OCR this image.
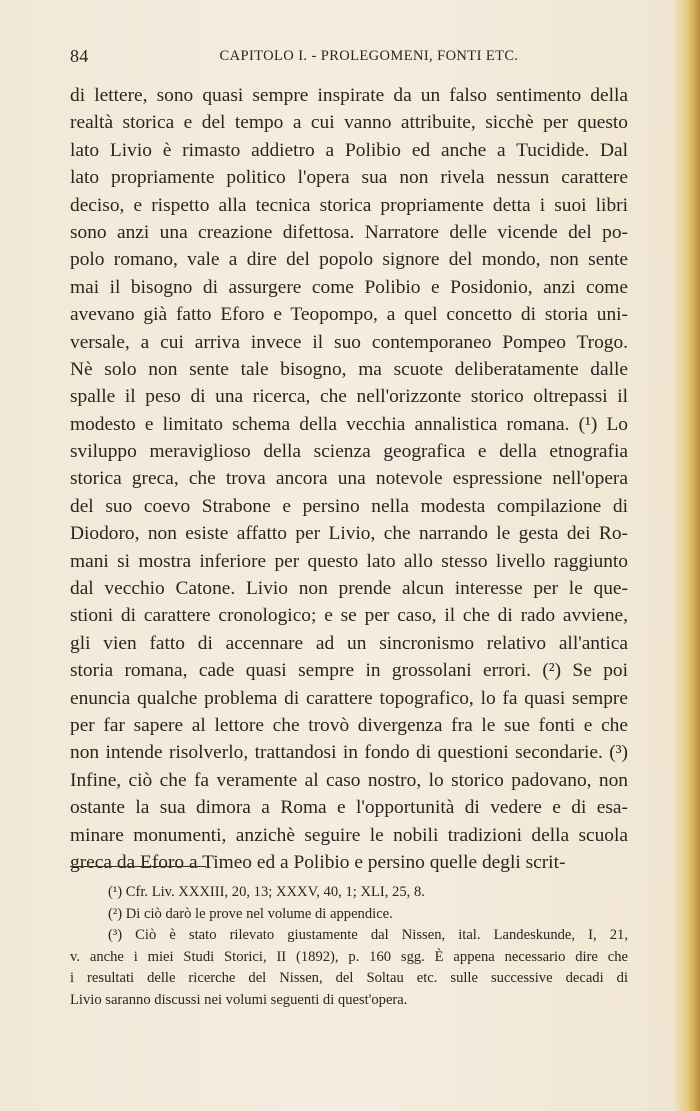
84	CAPITOLO I. - PROLEGOMENI, FONTI ETC.
di lettere, sono quasi sempre inspirate da un falso sentimento della
realtà storica e del tempo a cui vanno attribuite, sicchè per questo
lato Livio è rimasto addietro a Polibio ed anche a Tucidide. Dal
lato propriamente politico l'opera sua non rivela nessun carattere
deciso, e rispetto alla tecnica storica propriamente detta i suoi libri
sono anzi una creazione difettosa. Narratore delle vicende del po-
polo romano, vale a dire del popolo signore del mondo, non sente
mai il bisogno di assurgere come Polibio e Posidonio, anzi come
avevano già fatto Eforo e Teopompo, a quel concetto di storia uni-
versale, a cui arriva invece il suo contemporaneo Pompeo Trogo.
Nè solo non sente tale bisogno, ma scuote deliberatamente dalle
spalle il peso di una ricerca, che nell'orizzonte storico oltrepassi il
modesto e limitato schema della vecchia annalistica romana. (¹) Lo
sviluppo meraviglioso della scienza geografica e della etnografia
storica greca, che trova ancora una notevole espressione nell'opera
del suo coevo Strabone e persino nella modesta compilazione di
Diodoro, non esiste affatto per Livio, che narrando le gesta dei Ro-
mani si mostra inferiore per questo lato allo stesso livello raggiunto
dal vecchio Catone. Livio non prende alcun interesse per le que-
stioni di carattere cronologico; e se per caso, il che di rado avviene,
gli vien fatto di accennare ad un sincronismo relativo all'antica
storia romana, cade quasi sempre in grossolani errori. (²) Se poi
enuncia qualche problema di carattere topografico, lo fa quasi sempre
per far sapere al lettore che trovò divergenza fra le sue fonti e che
non intende risolverlo, trattandosi in fondo di questioni secondarie. (³)
Infine, ciò che fa veramente al caso nostro, lo storico padovano, non
ostante la sua dimora a Roma e l'opportunità di vedere e di esa-
minare monumenti, anzichè seguire le nobili tradizioni della scuola
greca da Eforo a Timeo ed a Polibio e persino quelle degli scrit-
(¹) Cfr. Liv. XXXIII, 20, 13; XXXV, 40, 1; XLI, 25, 8.
(²) Di ciò darò le prove nel volume di appendice.
(³) Ciò è stato rilevato giustamente dal Nissen, ital. Landeskunde, I, 21,
v. anche i miei Studi Storici, II (1892), p. 160 sgg. È appena necessario dire che
i resultati delle ricerche del Nissen, del Soltau etc. sulle successive decadi di
Livio saranno discussi nei volumi seguenti di quest'opera.
